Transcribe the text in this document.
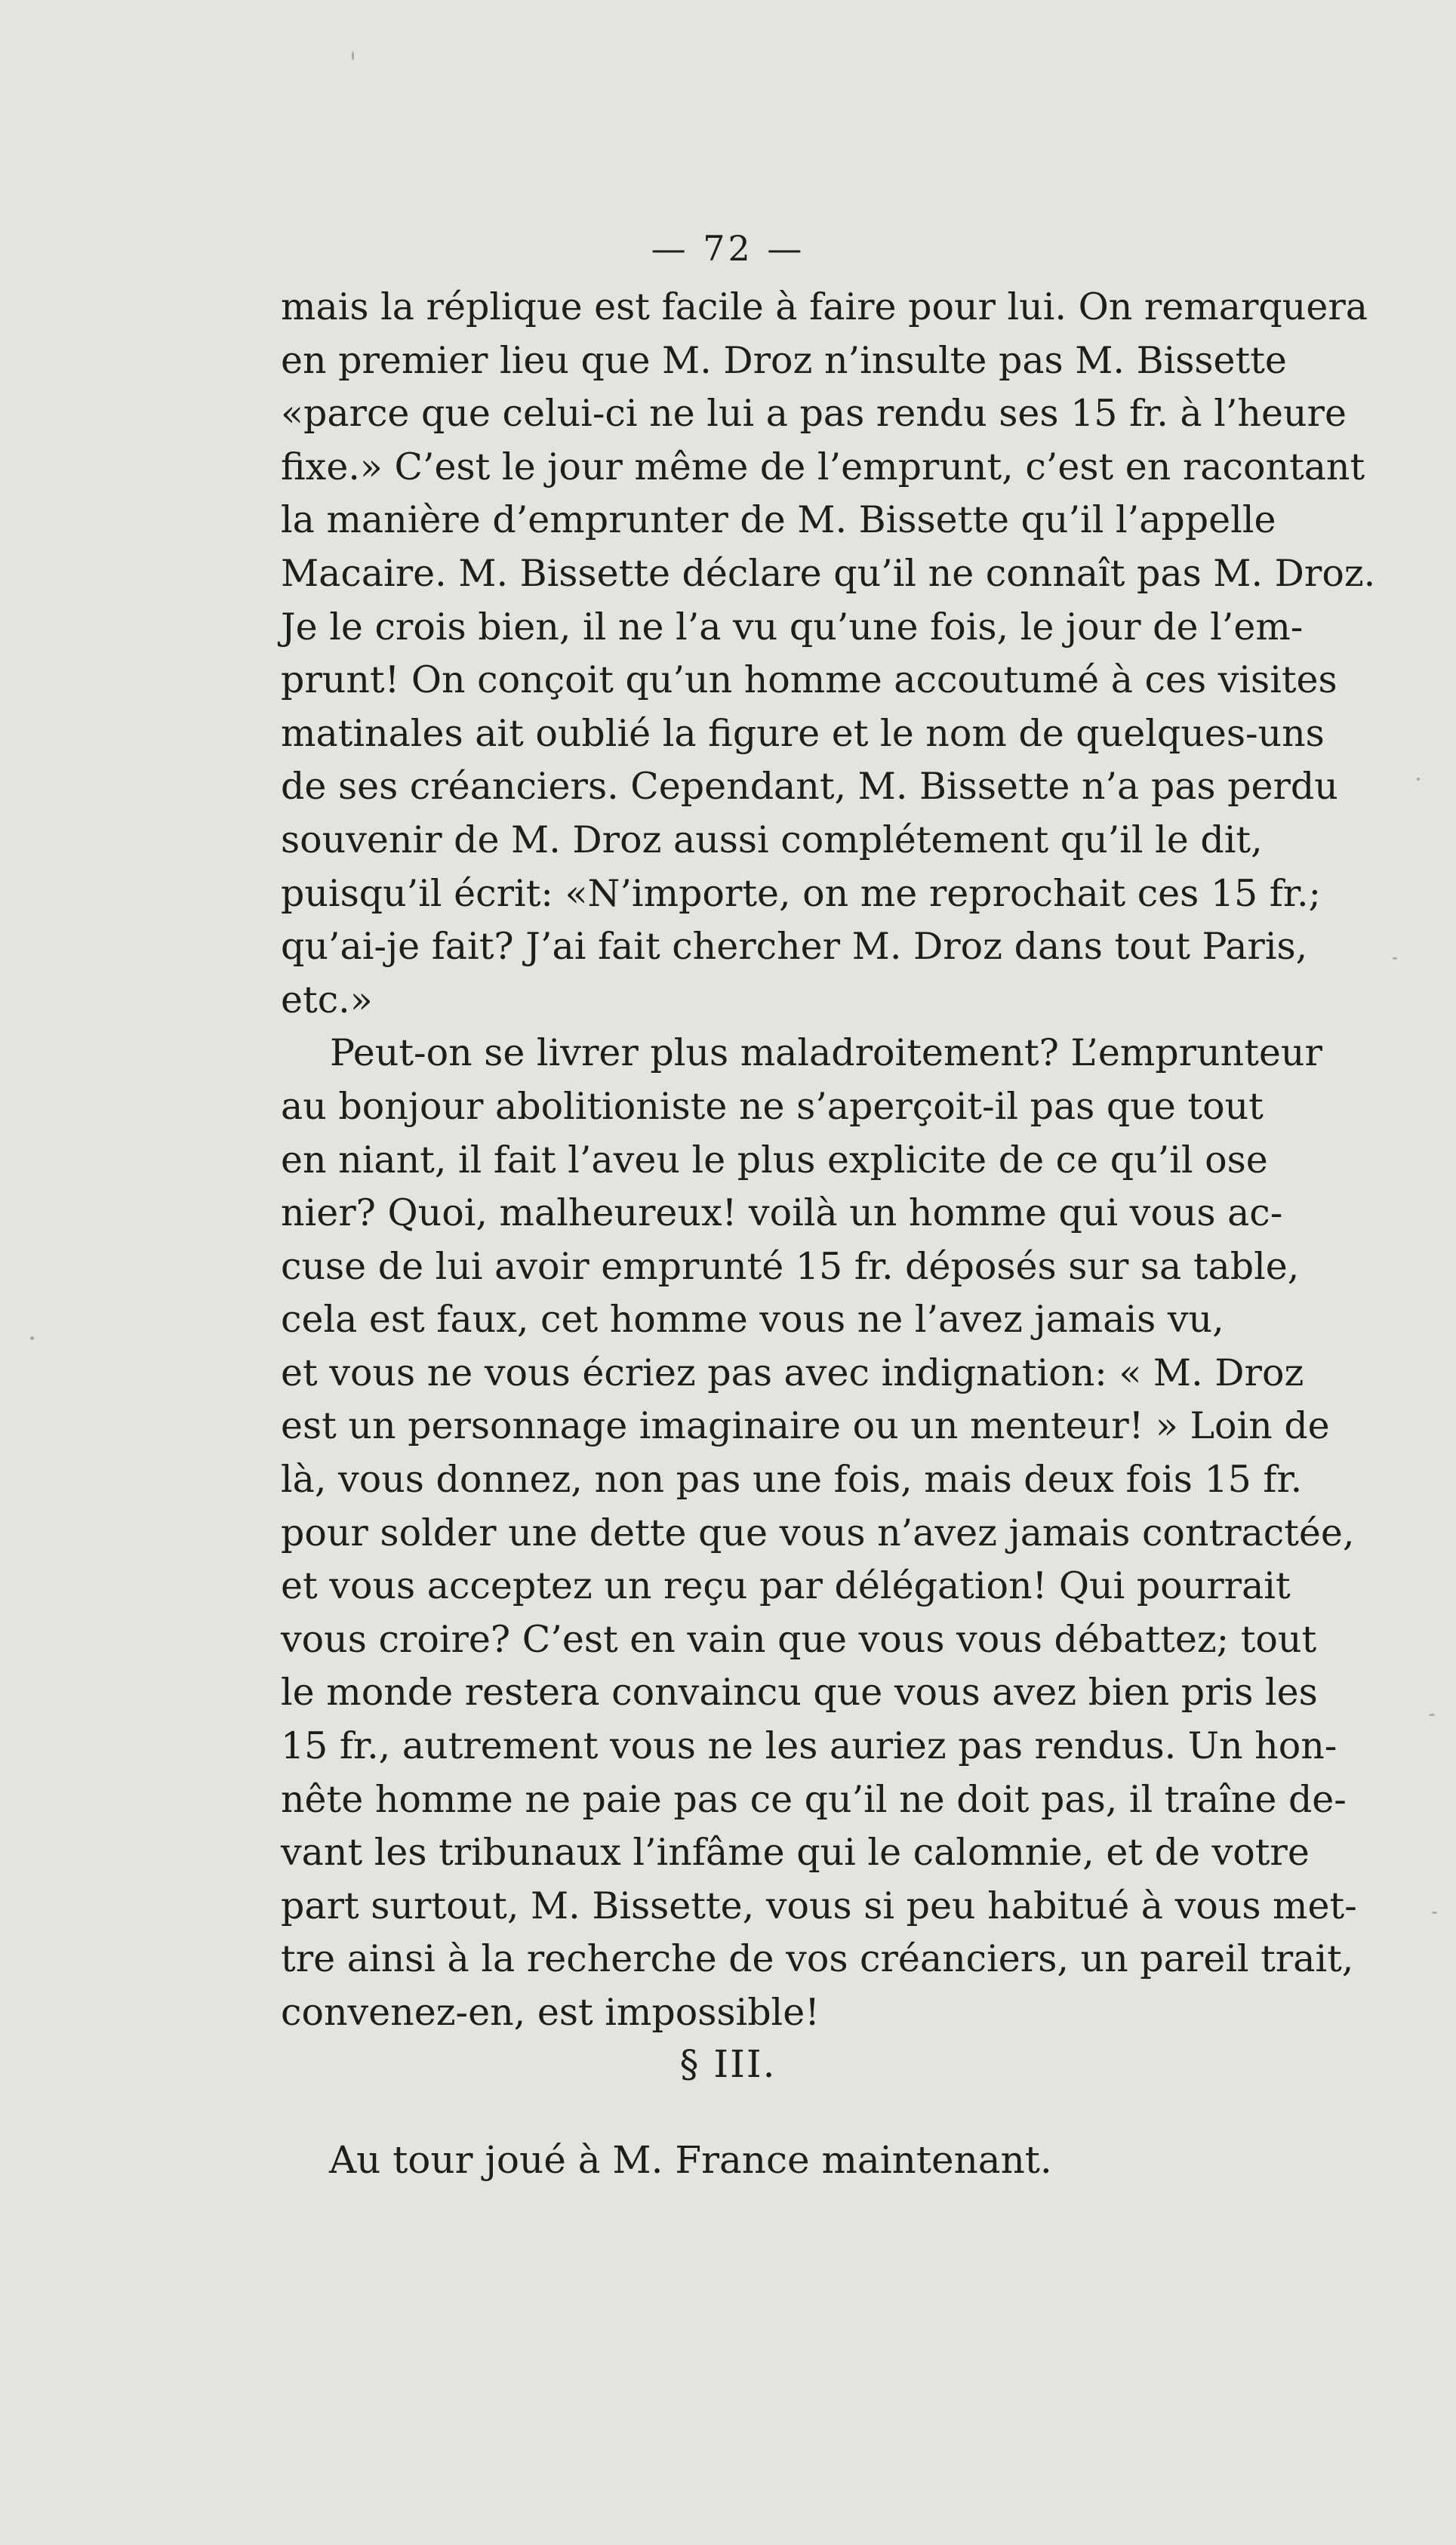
— 72 —
mais la réplique est facile à faire pour lui. On remarquera
en premier lieu que M. Droz n’insulte pas M. Bissette
«parce que celui-ci ne lui a pas rendu ses 15 fr. à l’heure
fixe.» C’est le jour même de l’emprunt, c’est en racontant
la manière d’emprunter de M. Bissette qu’il l’appelle
Macaire. M. Bissette déclare qu’il ne connaît pas M. Droz.
Je le crois bien, il ne l’a vu qu’une fois, le jour de l’em-
prunt! On conçoit qu’un homme accoutumé à ces visites
matinales ait oublié la figure et le nom de quelques-uns
de ses créanciers. Cependant, M. Bissette n’a pas perdu
souvenir de M. Droz aussi complétement qu’il le dit,
puisqu’il écrit: «N’importe, on me reprochait ces 15 fr.;
qu’ai-je fait? J’ai fait chercher M. Droz dans tout Paris,
etc.»
Peut-on se livrer plus maladroitement? L’emprunteur
au bonjour abolitioniste ne s’aperçoit-il pas que tout
en niant, il fait l’aveu le plus explicite de ce qu’il ose
nier? Quoi, malheureux! voilà un homme qui vous ac-
cuse de lui avoir emprunté 15 fr. déposés sur sa table,
cela est faux, cet homme vous ne l’avez jamais vu,
et vous ne vous écriez pas avec indignation: « M. Droz
est un personnage imaginaire ou un menteur! » Loin de
là, vous donnez, non pas une fois, mais deux fois 15 fr.
pour solder une dette que vous n’avez jamais contractée,
et vous acceptez un reçu par délégation! Qui pourrait
vous croire? C’est en vain que vous vous débattez; tout
le monde restera convaincu que vous avez bien pris les
15 fr., autrement vous ne les auriez pas rendus. Un hon-
nête homme ne paie pas ce qu’il ne doit pas, il traîne de-
vant les tribunaux l’infâme qui le calomnie, et de votre
part surtout, M. Bissette, vous si peu habitué à vous met-
tre ainsi à la recherche de vos créanciers, un pareil trait,
convenez-en, est impossible!
§ III.
Au tour joué à M. France maintenant.
